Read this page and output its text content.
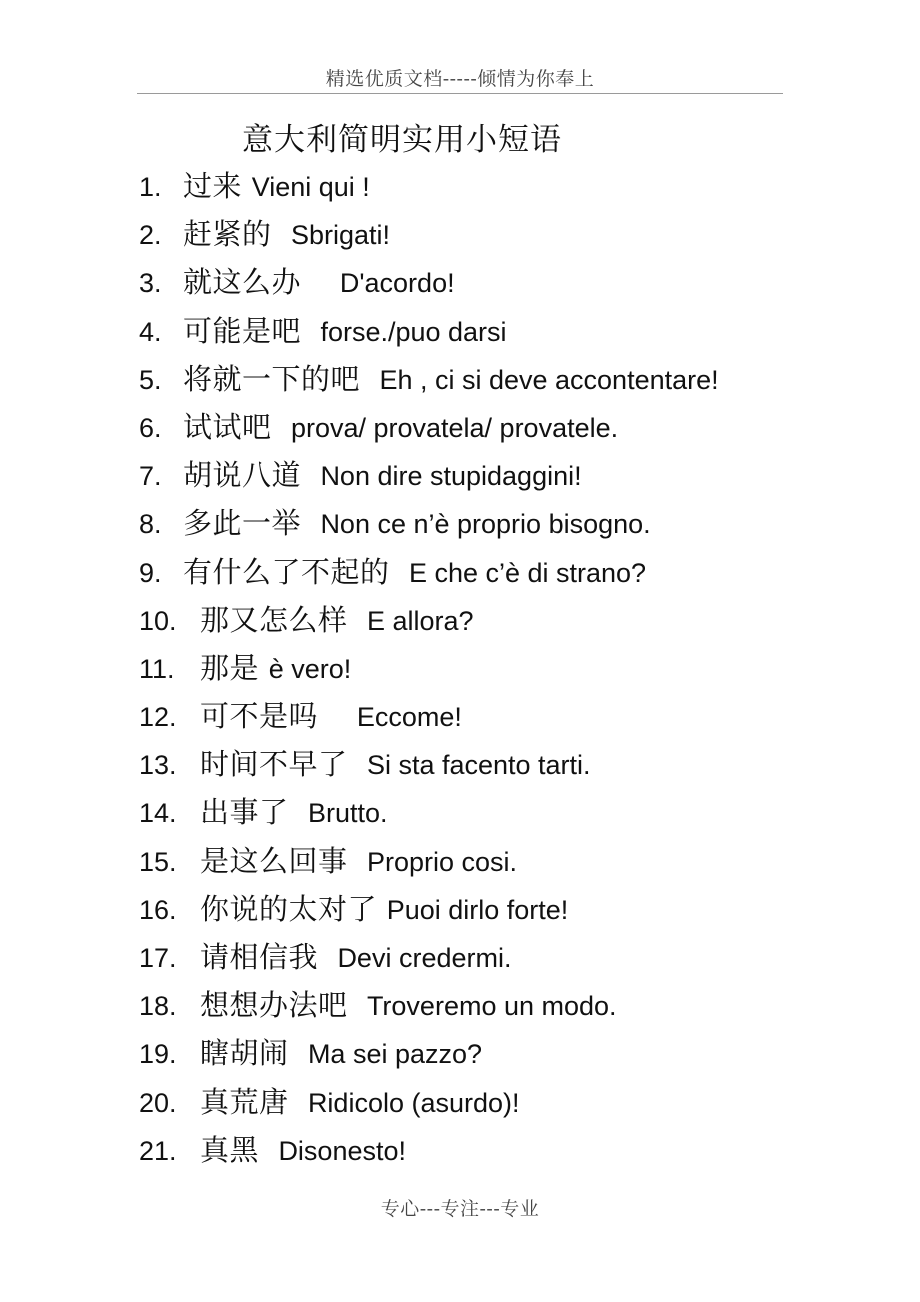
精选优质文档-----倾情为你奉上
意大利简明实用小短语
1. 过来 Vieni qui !
2. 赶紧的  Sbrigati!
3. 就这么办    D'acordo!
4. 可能是吧  forse./puo darsi
5. 将就一下的吧  Eh , ci si deve accontentare!
6. 试试吧  prova/ provatela/ provatele.
7. 胡说八道  Non dire stupidaggini!
8. 多此一举  Non ce n’è proprio bisogno.
9. 有什么了不起的  E che c’è di strano?
10. 那又怎么样  E allora?
11. 那是 è vero!
12. 可不是吗    Eccome!
13. 时间不早了  Si sta facento tarti.
14. 出事了  Brutto.
15. 是这么回事  Proprio cosi.
16. 你说的太对了 Puoi dirlo forte!
17. 请相信我  Devi credermi.
18. 想想办法吧  Troveremo un modo.
19. 瞎胡闹  Ma sei pazzo?
20. 真荒唐  Ridicolo (asurdo)!
21. 真黑  Disonesto!
专心---专注---专业
